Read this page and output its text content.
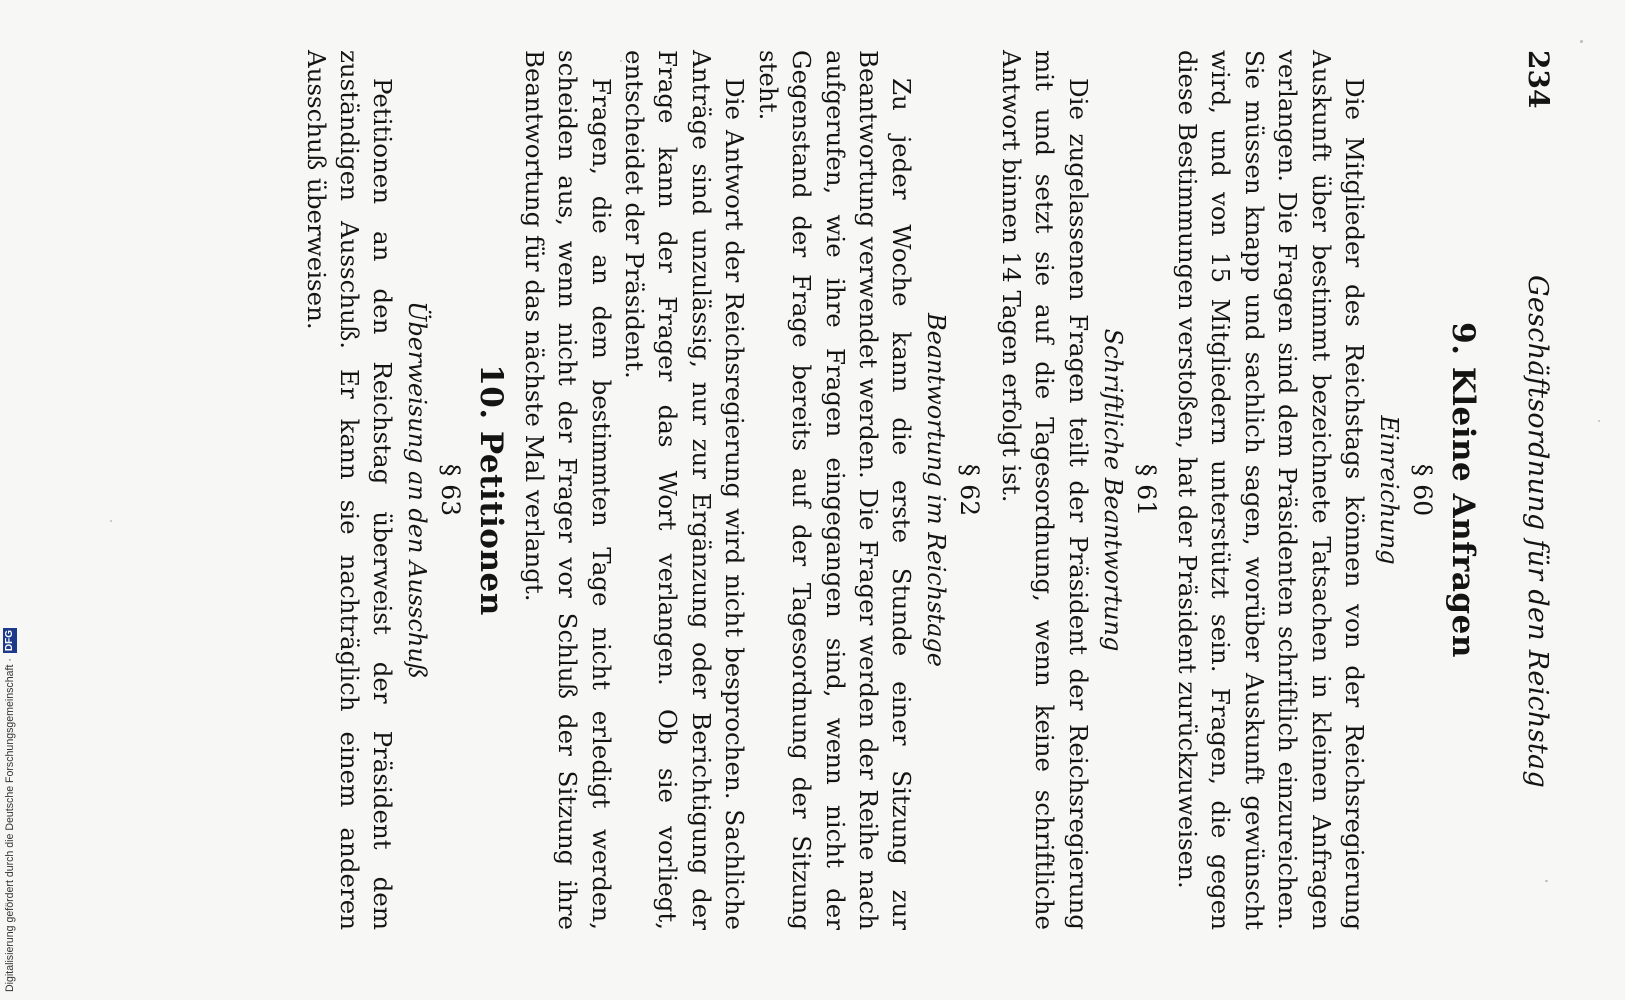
Digitalisierung gefördert durch die Deutsche Forschungsgemeinschaft ·
DFG
234
Geschäftsordnung für den Reichstag
9. Kleine Anfragen
§ 60
Einreichung

Die Mitglieder des Reichstags können von der Reichsregierung Auskunft über bestimmt bezeichnete Tatsachen in kleinen Anfragen verlangen. Die Fragen sind dem Präsidenten schriftlich einzureichen. Sie müssen knapp und sachlich sagen, worüber Auskunft gewünscht wird, und von 15 Mitgliedern unterstützt sein. Fragen, die gegen diese Bestimmungen verstoßen, hat der Präsident zurückzuweisen.

§ 61
Schriftliche Beantwortung

Die zugelassenen Fragen teilt der Präsident der Reichsregierung mit und setzt sie auf die Tagesordnung, wenn keine schriftliche Antwort binnen 14 Tagen erfolgt ist.

§ 62
Beantwortung im Reichstage

Zu jeder Woche kann die erste Stunde einer Sitzung zur Beantwortung verwendet werden. Die Frager werden der Reihe nach aufgerufen, wie ihre Fragen eingegangen sind, wenn nicht der Gegenstand der Frage bereits auf der Tagesordnung der Sitzung steht.

Die Antwort der Reichsregierung wird nicht besprochen. Sachliche Anträge sind unzulässig, nur zur Ergänzung oder Berichtigung der Frage kann der Frager das Wort verlangen. Ob sie vorliegt, entscheidet der Präsident.

Fragen, die an dem bestimmten Tage nicht erledigt werden, scheiden aus, wenn nicht der Frager vor Schluß der Sitzung ihre Beantwortung für das nächste Mal verlangt.

10. Petitionen
§ 63
Überweisung an den Ausschuß

Petitionen an den Reichstag überweist der Präsident dem zuständigen Ausschuß. Er kann sie nachträglich einem anderen Ausschuß überweisen.
